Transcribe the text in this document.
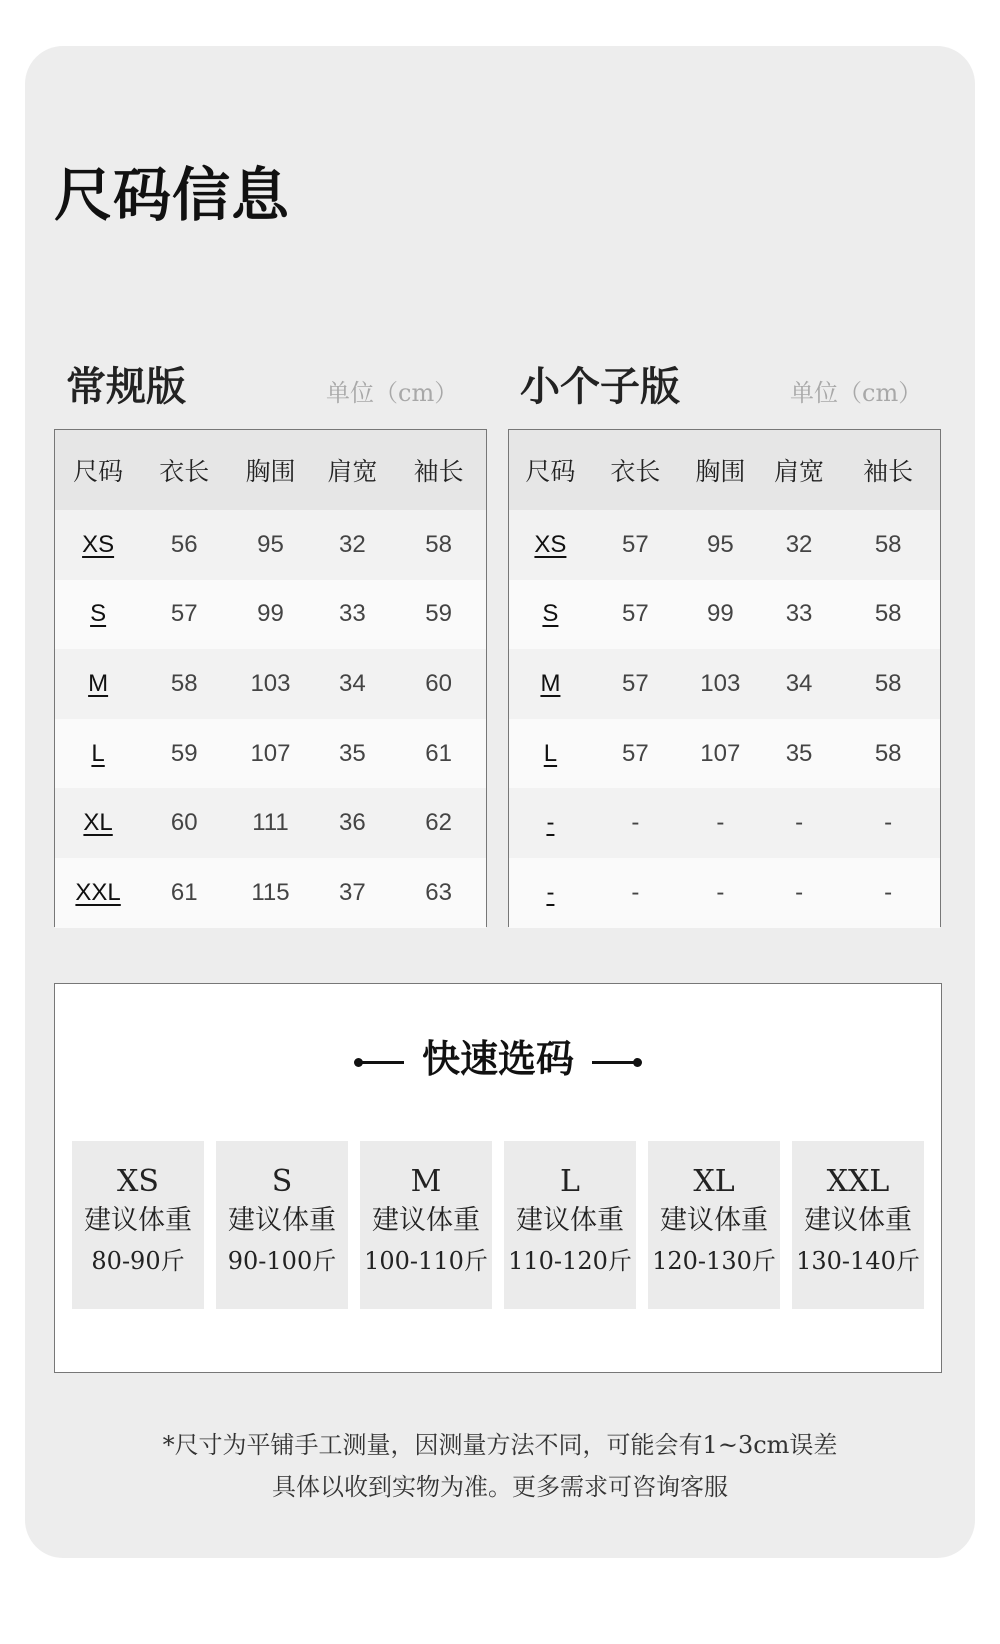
尺码信息
常规版	单位（cm）
尺码	衣长	胸围	肩宽	袖长
XS	56	95	32	58
S	57	99	33	59
M	58	103	34	60
L	59	107	35	61
XL	60	111	36	62
XXL	61	115	37	63
小个子版	单位（cm）
尺码	衣长	胸围	肩宽	袖长
XS	57	95	32	58
S	57	99	33	58
M	57	103	34	58
L	57	107	35	58
-	-	-	-	-
-	-	-	-	-
快速选码
XS
建议体重
80-90斤
S
建议体重
90-100斤
M
建议体重
100-110斤
L
建议体重
110-120斤
XL
建议体重
120-130斤
XXL
建议体重
130-140斤
*尺寸为平铺手工测量，因测量方法不同，可能会有1~3cm误差
具体以收到实物为准。更多需求可咨询客服
